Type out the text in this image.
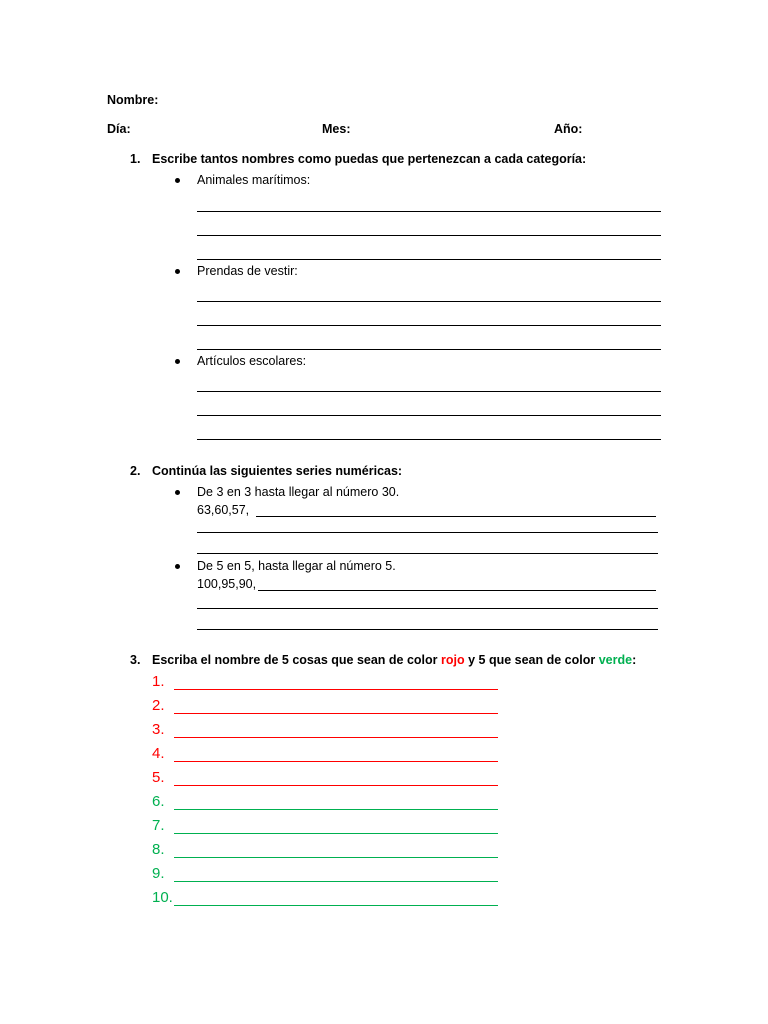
Nombre:
Día:	Mes:	Año:
1. Escribe tantos nombres como puedas que pertenezcan a cada categoría:
Animales marítimos:
Prendas de vestir:
Artículos escolares:
2. Continúa las siguientes series numéricas:
De 3 en 3 hasta llegar al número 30.
63,60,57,
De 5 en 5, hasta llegar al número 5.
100,95,90,
3. Escriba el nombre de 5 cosas que sean de color rojo y 5 que sean de color verde:
1.
2.
3.
4.
5.
6.
7.
8.
9.
10.
